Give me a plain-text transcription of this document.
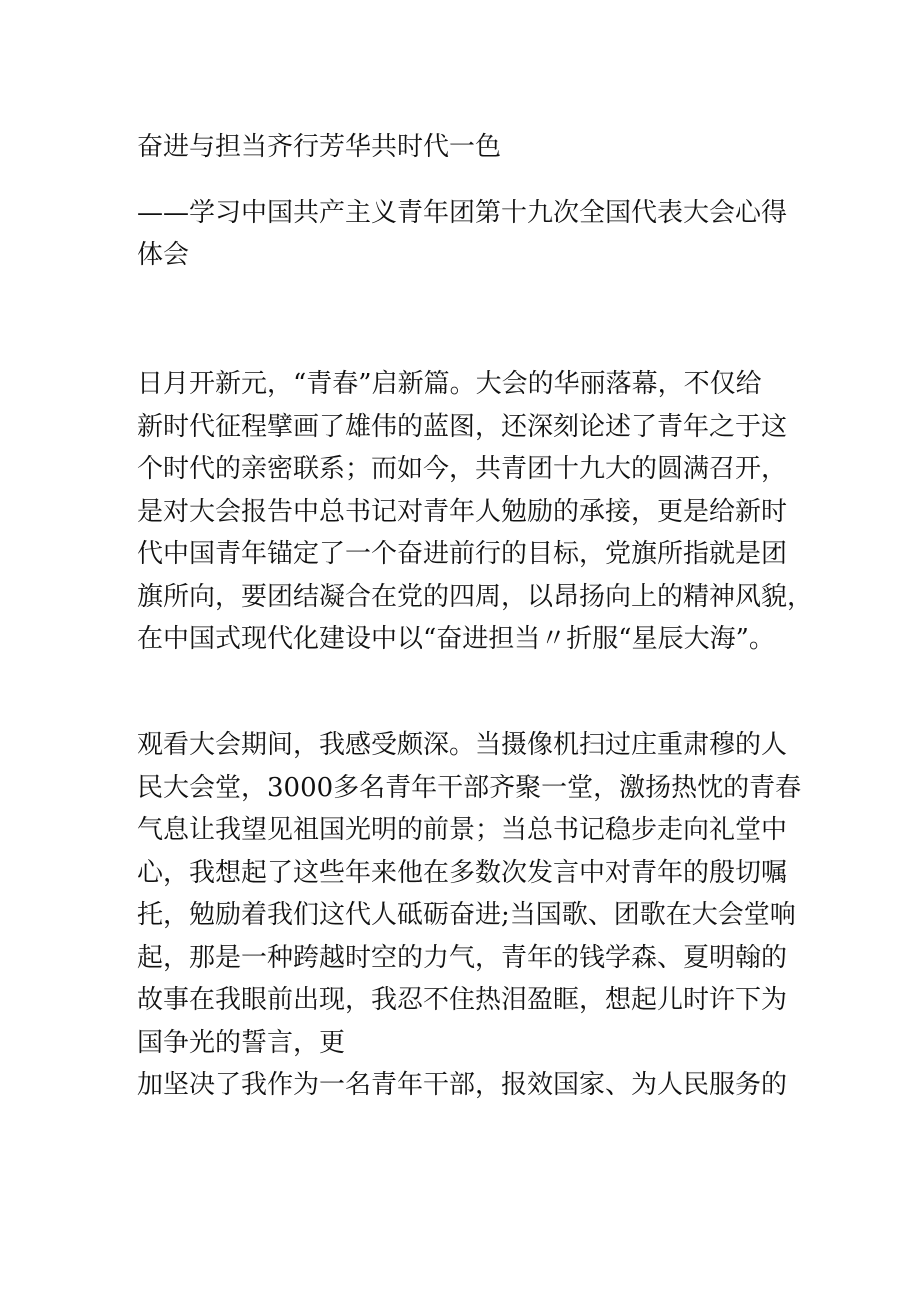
奋进与担当齐行芳华共时代一色
——学习中国共产主义青年团第十九次全国代表大会心得
体会
日月开新元，“青春”启新篇。大会的华丽落幕，不仅给
新时代征程擘画了雄伟的蓝图，还深刻论述了青年之于这
个时代的亲密联系；而如今，共青团十九大的圆满召开，
是对大会报告中总书记对青年人勉励的承接，更是给新时
代中国青年锚定了一个奋进前行的目标，党旗所指就是团
旗所向，要团结凝合在党的四周，以昂扬向上的精神风貌，
在中国式现代化建设中以“奋进担当〃折服“星辰大海”。
观看大会期间，我感受颇深。当摄像机扫过庄重肃穆的人
民大会堂，3000多名青年干部齐聚一堂，激扬热忱的青春
气息让我望见祖国光明的前景；当总书记稳步走向礼堂中
心，我想起了这些年来他在多数次发言中对青年的殷切嘱
托，勉励着我们这代人砥砺奋进;当国歌、团歌在大会堂响
起，那是一种跨越时空的力气，青年的钱学森、夏明翰的
故事在我眼前出现，我忍不住热泪盈眶，想起儿时许下为
国争光的誓言，更
加坚决了我作为一名青年干部，报效国家、为人民服务的
